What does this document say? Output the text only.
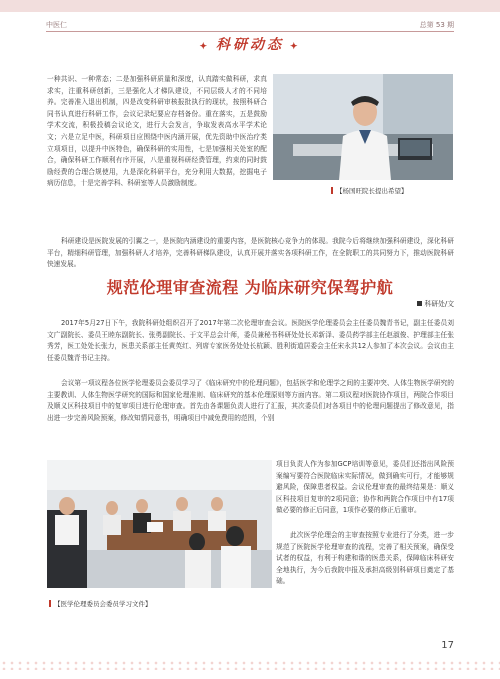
中医仁	总第 53 期
✦ 科研动态 ✦

一种共识、一种常态；二是加强科研质量和深度，认真踏实做科研，求真求实，注重科研创新，三是强化人才梯队建设，不同层级人才的不同培养。完善准入退出机制，四是改变科研审核报批执行的现状，按照科研合同书认真进行科研工作，会议记录纪要应存档备份。重在落实，五是鼓励学术交流，积极投稿会议论文，进行大会发言，争取发表高水平学术论文；六是立足中医，科研项目应围绕中医内涵开展，优先资助中医治疗类立项项目，以提升中医特色，确保科研的实用性，七是加强相关处室的配合，确保科研工作顺利有序开展，八是重视科研经费管理，约束的同时鼓励经费的合理合规使用，九是深化科研平台，充分利用大数据，挖掘电子病历信息，十是完善学科、科研室等人员激励制度。

【杨国旺院长提出希望】

科研建设是医院发展的引翼之一，是医院内涵建设的重要内容，是医院核心竞争力的体现。我院今后将继续加强科研建设，深化科研平台，精细科研管理，加强科研人才培养，完善科研梯队建设，认真开展并落实各项科研工作，在全院职工的共同努力下，推动医院科研快速发展。

规范伦理审查流程 为临床研究保驾护航
科研处/文

2017年5月27日下午，我院科研处组织召开了2017年第二次伦理审查会议。医院医学伦理委员会主任委员魏青书记，副主任委员刘文广副院长、委员王睦东副院长、张勇副院长、于文平总会计师，委员兼秘书科研处处长邓新泽、委员药学部主任赵淑俊、护理部主任张秀芳，医工处处长张力，医患关系部主任黄英红、列席专家医务处处长杭颖、胜利街道居委会主任宋永共12人参加了本次会议。会议由主任委员魏青书记主持。

会议第一项议程各位医学伦理委员会委员学习了《临床研究中的伦理问题》，包括医学和伦理学之间的主要冲突、人体生物医学研究的主要教训、人体生物医学研究的国际和国家伦理准则、临床研究的基本伦理原则等方面内容。第二项议程对医院协作项目，两院合作项目及顺义区科技项目中的复审项目进行伦理审查。首先由各课题负责人进行了汇报，其次委员们对各项目中的伦理问题提出了修改意见，指出进一步完善风险预案，修改知情同意书，明确项目中减免费用的范围，个别

【医学伦理委员会委员学习文件】

项目负责人作为参加GCP培训等意见，委员们还指出风险预案编写要符合医院临床实际情况，做到确实可行，才能够规避风险，保障患者权益。会议伦理审查的最终结果是：顺义区科技项目复审的2项同意；协作和两院合作项目中有17项做必要的修正后同意，1项作必要的修正后重审。

此次医学伦理会的主审查按照专业进行了分类，进一步规范了医院医学伦理审查的流程，完善了相关预案，确保受试者的权益，有利于构建和谐的医患关系，保障临床科研安全地执行，为今后我院申报及承担高级别科研项目奠定了基础。

17
